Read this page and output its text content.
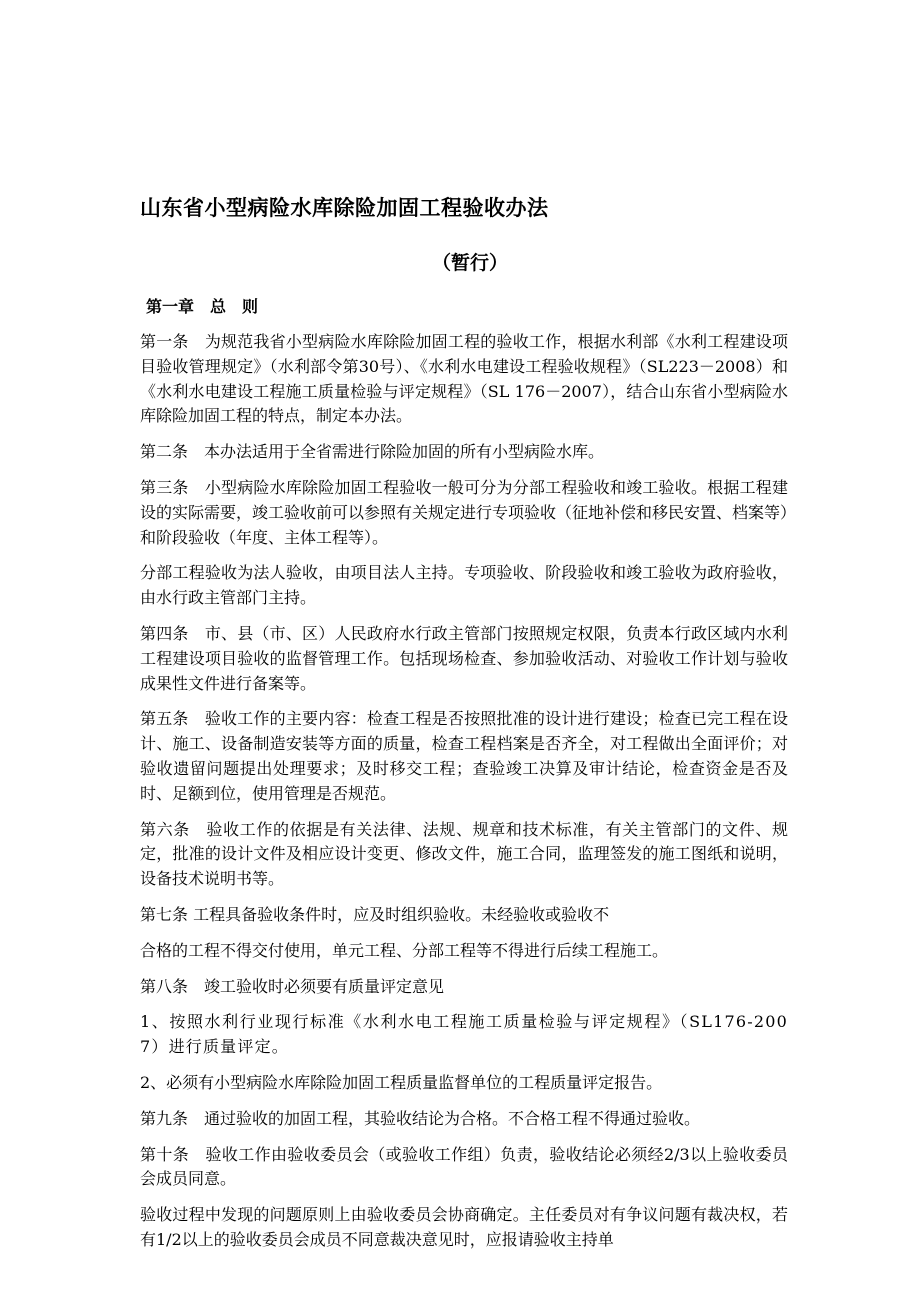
山东省小型病险水库除险加固工程验收办法
（暂行）
第一章　总　则

第一条　为规范我省小型病险水库除险加固工程的验收工作，根据水利部《水利工程建设项目验收管理规定》（水利部令第30号）、《水利水电建设工程验收规程》（SL223－2008）和《水利水电建设工程施工质量检验与评定规程》（SL 176－2007），结合山东省小型病险水库除险加固工程的特点，制定本办法。

第二条　本办法适用于全省需进行除险加固的所有小型病险水库。

第三条　小型病险水库除险加固工程验收一般可分为分部工程验收和竣工验收。根据工程建设的实际需要，竣工验收前可以参照有关规定进行专项验收（征地补偿和移民安置、档案等）和阶段验收（年度、主体工程等）。

分部工程验收为法人验收，由项目法人主持。专项验收、阶段验收和竣工验收为政府验收，由水行政主管部门主持。

第四条　市、县（市、区）人民政府水行政主管部门按照规定权限，负责本行政区域内水利工程建设项目验收的监督管理工作。包括现场检查、参加验收活动、对验收工作计划与验收成果性文件进行备案等。

第五条　验收工作的主要内容：检查工程是否按照批准的设计进行建设；检查已完工程在设计、施工、设备制造安装等方面的质量，检查工程档案是否齐全，对工程做出全面评价；对验收遗留问题提出处理要求；及时移交工程；查验竣工决算及审计结论，检查资金是否及时、足额到位，使用管理是否规范。

第六条　验收工作的依据是有关法律、法规、规章和技术标准，有关主管部门的文件、规定，批准的设计文件及相应设计变更、修改文件，施工合同，监理签发的施工图纸和说明，设备技术说明书等。

第七条 工程具备验收条件时，应及时组织验收。未经验收或验收不

合格的工程不得交付使用，单元工程、分部工程等不得进行后续工程施工。

第八条　竣工验收时必须要有质量评定意见

1、按照水利行业现行标准《水利水电工程施工质量检验与评定规程》（SL176-2007）进行质量评定。

2、必须有小型病险水库除险加固工程质量监督单位的工程质量评定报告。

第九条　通过验收的加固工程，其验收结论为合格。不合格工程不得通过验收。

第十条　验收工作由验收委员会（或验收工作组）负责，验收结论必须经2/3以上验收委员会成员同意。

验收过程中发现的问题原则上由验收委员会协商确定。主任委员对有争议问题有裁决权，若有1/2以上的验收委员会成员不同意裁决意见时，应报请验收主持单
